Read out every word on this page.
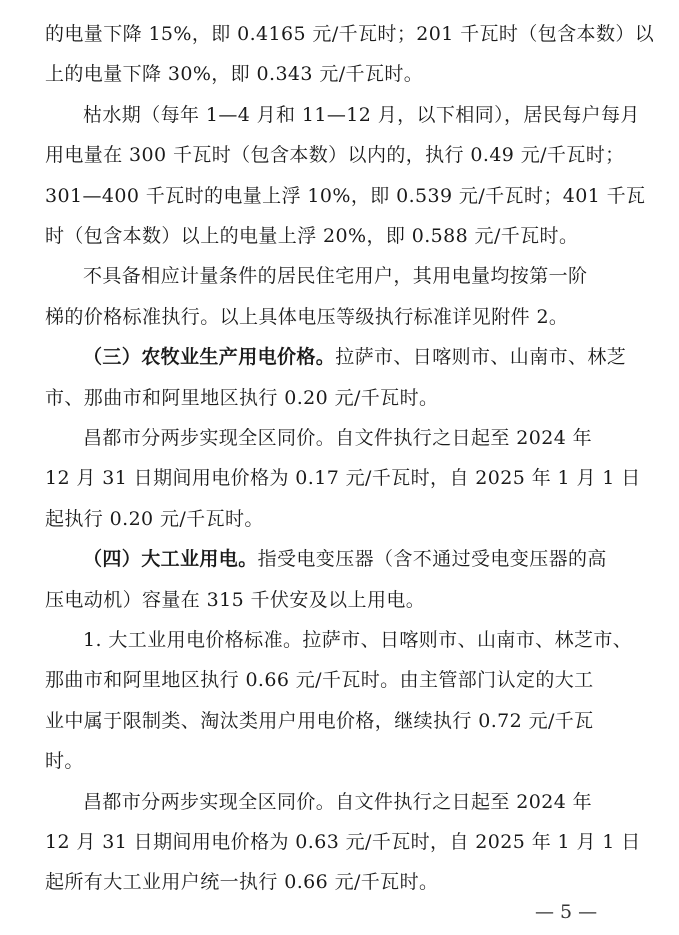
的电量下降 15%，即 0.4165 元/千瓦时；201 千瓦时（包含本数）以
上的电量下降 30%，即 0.343 元/千瓦时。
枯水期（每年 1—4 月和 11—12 月，以下相同），居民每户每月
用电量在 300 千瓦时（包含本数）以内的，执行 0.49 元/千瓦时；
301—400 千瓦时的电量上浮 10%，即 0.539 元/千瓦时；401 千瓦
时（包含本数）以上的电量上浮 20%，即 0.588 元/千瓦时。
不具备相应计量条件的居民住宅用户，其用电量均按第一阶
梯的价格标准执行。以上具体电压等级执行标准详见附件 2。
（三）农牧业生产用电价格。拉萨市、日喀则市、山南市、林芝
市、那曲市和阿里地区执行 0.20 元/千瓦时。
昌都市分两步实现全区同价。自文件执行之日起至 2024 年
12 月 31 日期间用电价格为 0.17 元/千瓦时，自 2025 年 1 月 1 日
起执行 0.20 元/千瓦时。
（四）大工业用电。指受电变压器（含不通过受电变压器的高
压电动机）容量在 315 千伏安及以上用电。
1. 大工业用电价格标准。拉萨市、日喀则市、山南市、林芝市、
那曲市和阿里地区执行 0.66 元/千瓦时。由主管部门认定的大工
业中属于限制类、淘汰类用户用电价格，继续执行 0.72 元/千瓦
时。
昌都市分两步实现全区同价。自文件执行之日起至 2024 年
12 月 31 日期间用电价格为 0.63 元/千瓦时，自 2025 年 1 月 1 日
起所有大工业用户统一执行 0.66 元/千瓦时。
— 5 —
